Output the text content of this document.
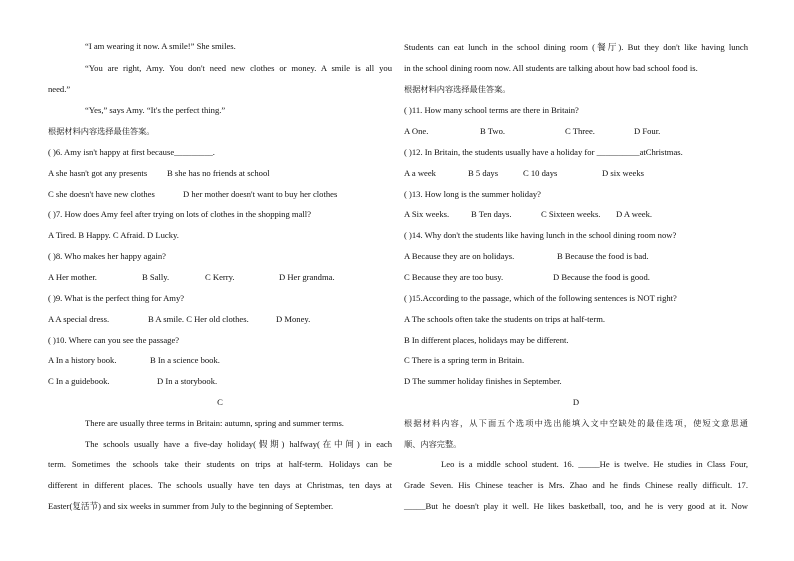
“I am wearing it now. A smile!” She smiles.
“You are right, Amy. You don't need new clothes or money. A smile is all you
need.”
“Yes,” says Amy. “It's the perfect thing.”
根据材料内容选择最佳答案。
( )6. Amy isn't happy at first because_________.
A she hasn't got any presents B she has no friends at school
C she doesn't have new clothes	D her mother doesn't want to buy her clothes
( )7. How does Amy feel after trying on lots of clothes in the shopping mall?
A Tired. B Happy. C Afraid. D Lucky.
( )8. Who makes her happy again?
A Her mother.	B Sally.	C Kerry.	D Her grandma.
( )9. What is the perfect thing for Amy?
A A special dress.	B A smile. C Her old clothes.	D Money.
( )10. Where can you see the passage?
A In a history book.	B In a science book.
C In a guidebook.	D In a storybook.
C
There are usually three terms in Britain: autumn, spring and summer terms.
The schools usually have a five-day holiday(假期) halfway(在中间) in each
term. Sometimes the schools take their students on trips at half-term. Holidays can be
different in different places. The schools usually have ten days at Christmas, ten days at
Easter(复活节) and six weeks in summer from July to the beginning of September.
Students can eat lunch in the school dining room (餐厅). But they don't like having lunch
in the school dining room now. All students are talking about how bad school food is.
根据材料内容选择最佳答案。
( )11. How many school terms are there in Britain?
A One.	B Two.	C Three.	D Four.
( )12. In Britain, the students usually have a holiday for __________atChristmas.
A a week	B 5 days	C 10 days	D six weeks
( )13. How long is the summer holiday?
A Six weeks.	B Ten days.	C Sixteen weeks. D A week.
( )14. Why don't the students like having lunch in the school dining room now?
A Because they are on holidays.	B Because the food is bad.
C Because they are too busy.	D Because the food is good.
( )15.According to the passage, which of the following sentences is NOT right?
A The schools often take the students on trips at half-term.
B In different places, holidays may be different.
C There is a spring term in Britain.
D The summer holiday finishes in September.
D
根据材料内容，从下面五个选项中选出能填入文中空缺处的最佳选项，使短文意思通
顺、内容完整。
Leo is a middle school student. 16. _____He is twelve. He studies in Class Four,
Grade Seven. His Chinese teacher is Mrs. Zhao and he finds Chinese really difficult. 17.
_____But he doesn't play it well. He likes basketball, too, and he is very good at it. Now
